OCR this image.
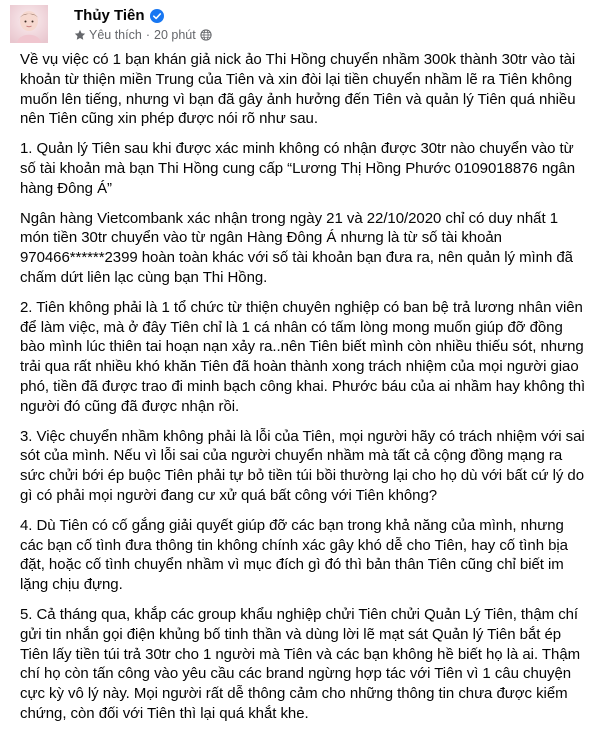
Thủy Tiên
Yêu thích · 20 phút

Về vụ việc có 1 bạn khán giả nick ảo Thi Hồng chuyển nhầm 300k thành 30tr vào tài khoản từ thiện miền Trung của Tiên và xin đòi lại tiền chuyển nhầm lẽ ra Tiên không muốn lên tiếng, nhưng vì bạn đã gây ảnh hưởng đến Tiên và quản lý Tiên quá nhiều nên Tiên cũng xin phép được nói rõ như sau.

1. Quản lý Tiên sau khi được xác minh không có nhận được 30tr nào chuyển vào từ số tài khoản mà bạn Thi Hồng cung cấp “Lương Thị Hồng Phước 0109018876 ngân hàng Đông Á”

Ngân hàng Vietcombank xác nhận trong ngày 21 và 22/10/2020 chỉ có duy nhất 1 món tiền 30tr chuyển vào từ ngân Hàng Đông Á nhưng là từ số tài khoản 970466******2399 hoàn toàn khác với số tài khoản bạn đưa ra, nên quản lý mình đã chấm dứt liên lạc cùng bạn Thi Hồng.

2. Tiên không phải là 1 tổ chức từ thiện chuyên nghiệp có ban bệ trả lương nhân viên để làm việc, mà ở đây Tiên chỉ là 1 cá nhân có tấm lòng mong muốn giúp đỡ đồng bào mình lúc thiên tai hoạn nạn xảy ra..nên Tiên biết mình còn nhiều thiếu sót, nhưng trải qua rất nhiều khó khăn Tiên đã hoàn thành xong trách nhiệm của mọi người giao phó, tiền đã được trao đi minh bạch công khai. Phước báu của ai nhầm hay không thì người đó cũng đã được nhận rồi.

3. Việc chuyển nhầm không phải là lỗi của Tiên, mọi người hãy có trách nhiệm với sai sót của mình. Nếu vì lỗi sai của người chuyển nhầm mà tất cả cộng đồng mạng ra sức chửi bới ép buộc Tiên phải tự bỏ tiền túi bồi thường lại cho họ dù với bất cứ lý do gì có phải mọi người đang cư xử quá bất công với Tiên không?

4. Dù Tiên có cố gắng giải quyết giúp đỡ các bạn trong khả năng của mình, nhưng các bạn cố tình đưa thông tin không chính xác gây khó dễ cho Tiên, hay cố tình bịa đặt, hoặc cố tình chuyển nhầm vì mục đích gì đó thì bản thân Tiên cũng chỉ biết im lặng chịu đựng.

5. Cả tháng qua, khắp các group khẩu nghiệp chửi Tiên chửi Quản Lý Tiên, thậm chí gửi tin nhắn gọi điện khủng bố tinh thần và dùng lời lẽ mạt sát Quản lý Tiên bắt ép Tiên lấy tiền túi trả 30tr cho 1 người mà Tiên và các bạn không hề biết họ là ai. Thậm chí họ còn tấn công vào yêu cầu các brand ngừng hợp tác với Tiên vì 1 câu chuyện cực kỳ vô lý này. Mọi người rất dễ thông cảm cho những thông tin chưa được kiểm chứng, còn đối với Tiên thì lại quá khắt khe.
